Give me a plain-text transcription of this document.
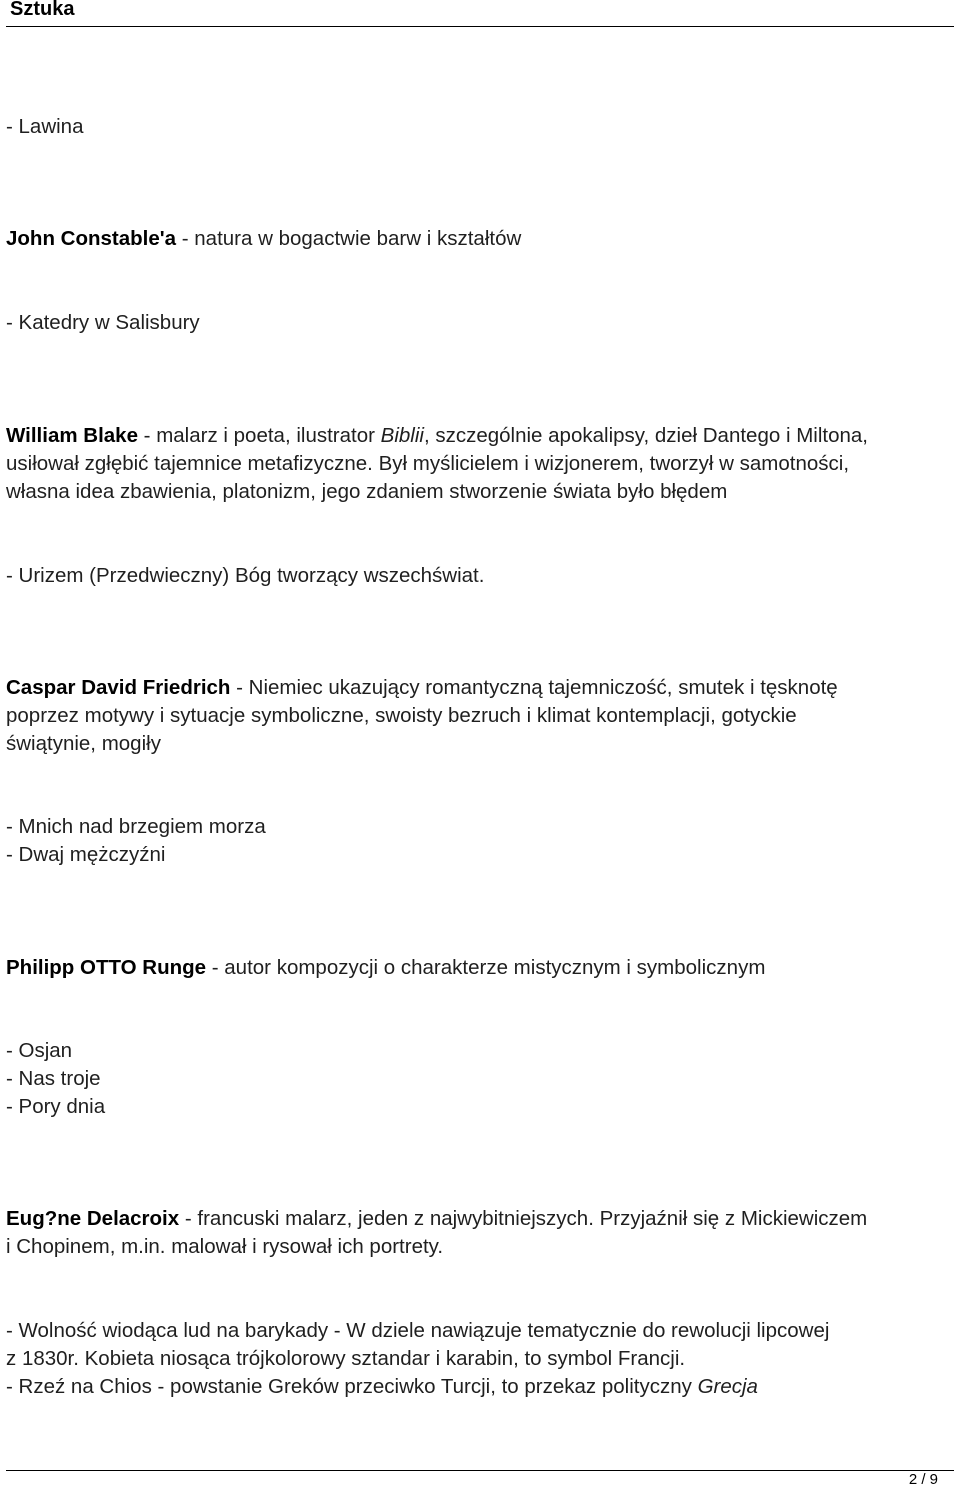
Sztuka
- Lawina
John Constable'a - natura w bogactwie barw i kształtów
- Katedry w Salisbury
William Blake - malarz i poeta, ilustrator Biblii, szczególnie apokalipsy, dzieł Dantego i Miltona,
usiłował zgłębić tajemnice metafizyczne. Był myślicielem i wizjonerem, tworzył w samotności,
własna idea zbawienia, platonizm, jego zdaniem stworzenie świata było błędem
- Urizem (Przedwieczny) Bóg tworzący wszechświat.
Caspar David Friedrich - Niemiec ukazujący romantyczną tajemniczość, smutek i tęsknotę
poprzez motywy i sytuacje symboliczne, swoisty bezruch i klimat kontemplacji, gotyckie
świątynie, mogiły
- Mnich nad brzegiem morza
- Dwaj mężczyźni
Philipp OTTO Runge - autor kompozycji o charakterze mistycznym i symbolicznym
- Osjan
- Nas troje
- Pory dnia
Eug?ne Delacroix - francuski malarz, jeden z najwybitniejszych. Przyjaźnił się z Mickiewiczem
i Chopinem, m.in. malował i rysował ich portrety.
- Wolność wiodąca lud na barykady - W dziele nawiązuje tematycznie do rewolucji lipcowej
z 1830r. Kobieta niosąca trójkolorowy sztandar i karabin, to symbol Francji.
- Rzeź na Chios - powstanie Greków przeciwko Turcji, to przekaz polityczny Grecja
2 / 9
